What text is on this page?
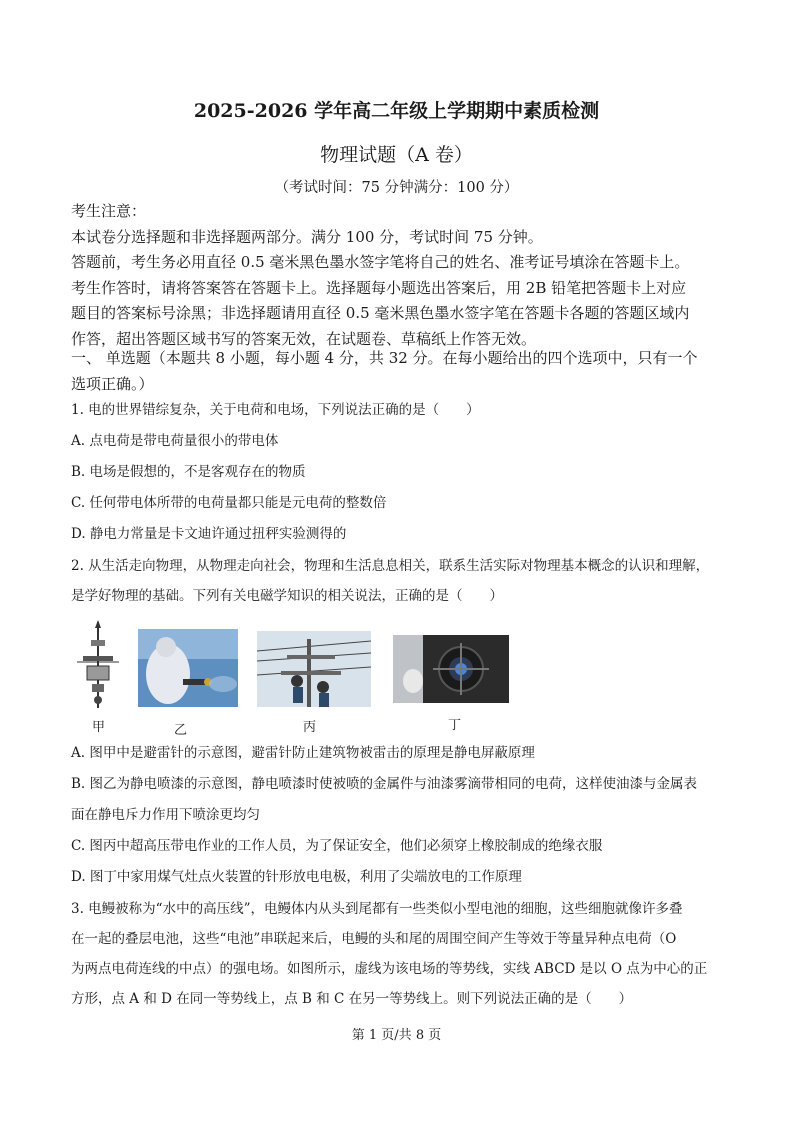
2025-2026 学年高二年级上学期期中素质检测
物理试题（A 卷）
（考试时间：75 分钟满分：100 分）

考生注意：

本试卷分选择题和非选择题两部分。满分 100 分，考试时间 75 分钟。

答题前，考生务必用直径 0.5 毫米黑色墨水签字笔将自己的姓名、准考证号填涂在答题卡上。

考生作答时，请将答案答在答题卡上。选择题每小题选出答案后，用 2B 铅笔把答题卡上对应

题目的答案标号涂黑；非选择题请用直径 0.5 毫米黑色墨水签字笔在答题卡各题的答题区域内

作答，超出答题区域书写的答案无效，在试题卷、草稿纸上作答无效。

一、 单选题（本题共 8 小题，每小题 4 分，共 32 分。在每小题给出的四个选项中，只有一个

选项正确。）

1. 电的世界错综复杂，关于电荷和电场，下列说法正确的是（　　）

A. 点电荷是带电荷量很小的带电体

B. 电场是假想的，不是客观存在的物质

C. 任何带电体所带的电荷量都只能是元电荷的整数倍

D. 静电力常量是卡文迪许通过扭秤实验测得的

2. 从生活走向物理，从物理走向社会，物理和生活息息相关，联系生活实际对物理基本概念的认识和理解，

是学好物理的基础。下列有关电磁学知识的相关说法，正确的是（　　）

甲	乙	丙	丁

A. 图甲中是避雷针的示意图，避雷针防止建筑物被雷击的原理是静电屏蔽原理

B. 图乙为静电喷漆的示意图，静电喷漆时使被喷的金属件与油漆雾滴带相同的电荷，这样使油漆与金属表

面在静电斥力作用下喷涂更均匀

C. 图丙中超高压带电作业的工作人员，为了保证安全，他们必须穿上橡胶制成的绝缘衣服

D. 图丁中家用煤气灶点火装置的针形放电电极，利用了尖端放电的工作原理

3. 电鳗被称为“水中的高压线”，电鳗体内从头到尾都有一些类似小型电池的细胞，这些细胞就像许多叠

在一起的叠层电池，这些“电池”串联起来后，电鳗的头和尾的周围空间产生等效于等量异种点电荷（O

为两点电荷连线的中点）的强电场。如图所示，虚线为该电场的等势线，实线 ABCD 是以 O 点为中心的正

方形，点 A 和 D 在同一等势线上，点 B 和 C 在另一等势线上。则下列说法正确的是（　　）

第 1 页/共 8 页
